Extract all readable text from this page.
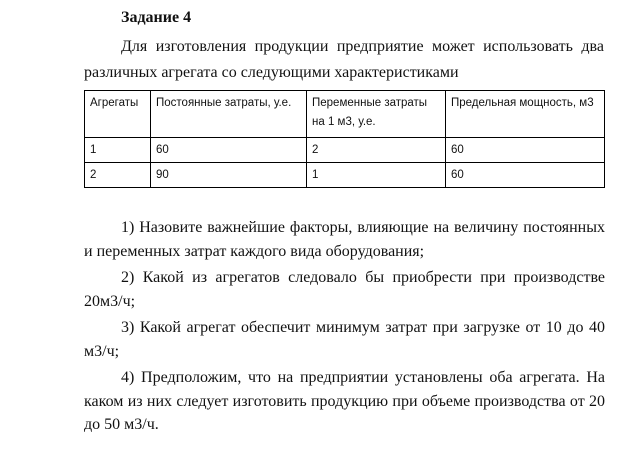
Задание 4
Для изготовления продукции предприятие может использовать два различных агрегата со следующими характеристиками
Агрегаты	Постоянные затраты, у.е.	Переменные затраты на 1 м3, у.е.	Предельная мощность, м3
1	60	2	60
2	90	1	60

1) Назовите важнейшие факторы, влияющие на величину постоянных и переменных затрат каждого вида оборудования;

2) Какой из агрегатов следовало бы приобрести при производстве 20м3/ч;

3) Какой агрегат обеспечит минимум затрат при загрузке от 10 до 40 м3/ч;

4) Предположим, что на предприятии установлены оба агрегата. На каком из них следует изготовить продукцию при объеме производства от 20 до 50 м3/ч.
